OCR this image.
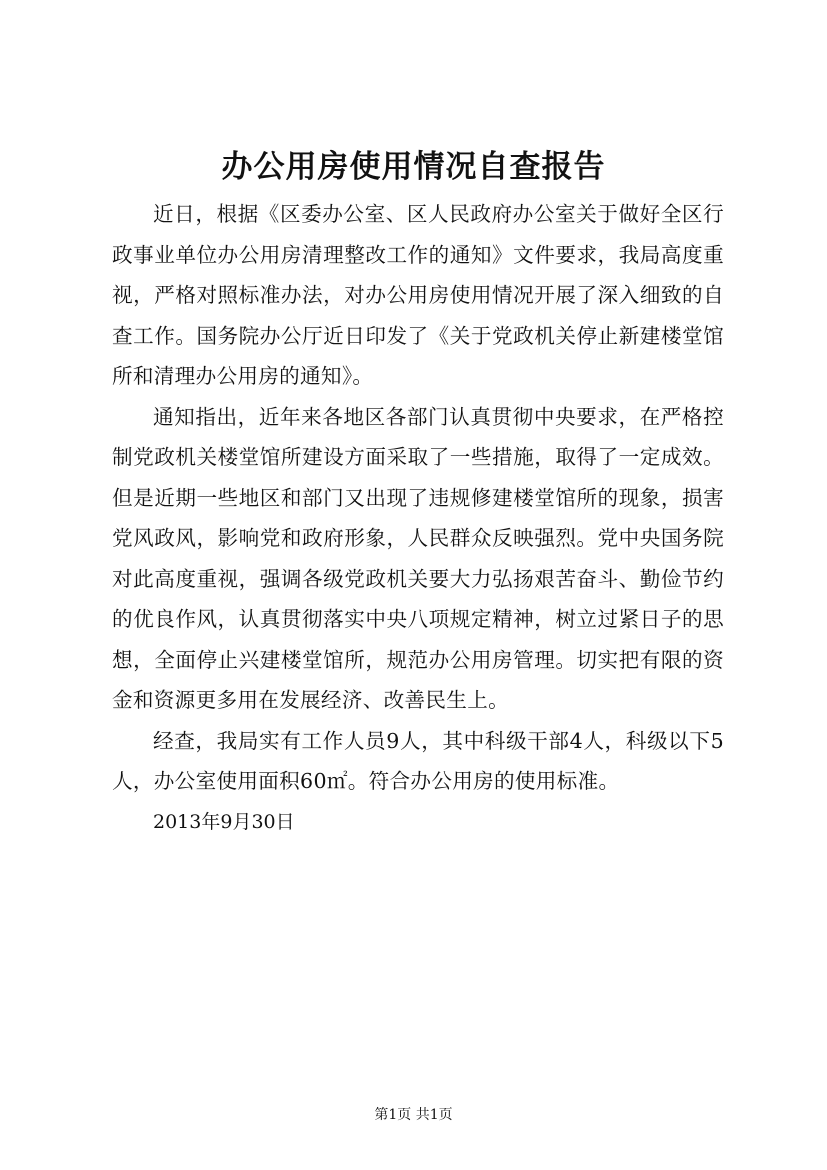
办公用房使用情况自查报告

近日，根据《区委办公室、区人民政府办公室关于做好全区行政事业单位办公用房清理整改工作的通知》文件要求，我局高度重视，严格对照标准办法，对办公用房使用情况开展了深入细致的自查工作。国务院办公厅近日印发了《关于党政机关停止新建楼堂馆所和清理办公用房的通知》。

通知指出，近年来各地区各部门认真贯彻中央要求，在严格控制党政机关楼堂馆所建设方面采取了一些措施，取得了一定成效。但是近期一些地区和部门又出现了违规修建楼堂馆所的现象，损害党风政风，影响党和政府形象，人民群众反映强烈。党中央国务院对此高度重视，强调各级党政机关要大力弘扬艰苦奋斗、勤俭节约的优良作风，认真贯彻落实中央八项规定精神，树立过紧日子的思想，全面停止兴建楼堂馆所，规范办公用房管理。切实把有限的资金和资源更多用在发展经济、改善民生上。

经查，我局实有工作人员9人，其中科级干部4人，科级以下5人，办公室使用面积60㎡。符合办公用房的使用标准。

2013年9月30日

第1页 共1页
